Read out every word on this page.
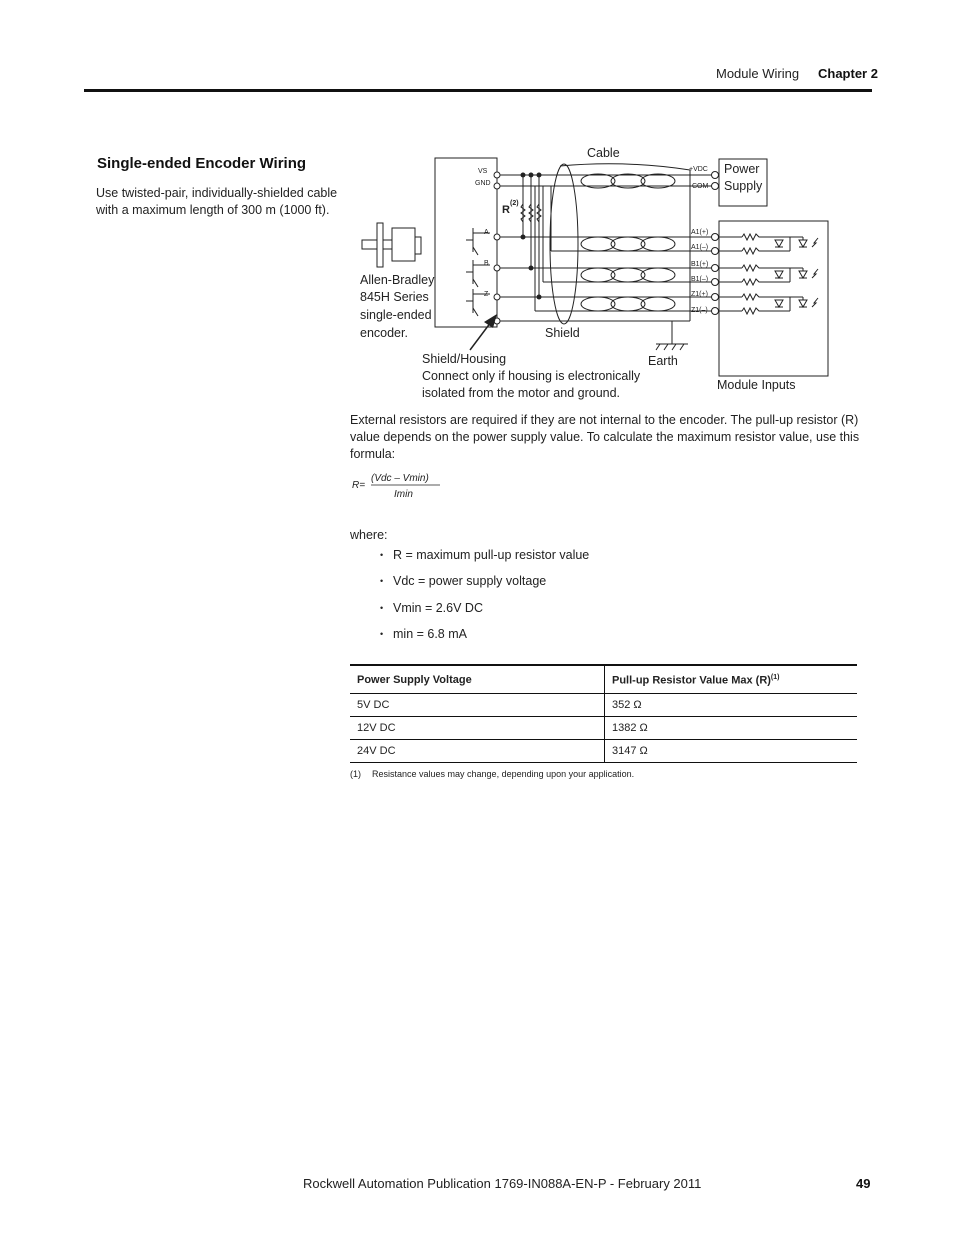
Module Wiring Chapter 2
Single-ended Encoder Wiring
Use twisted-pair, individually-shielded cable with a maximum length of 300 m (1000 ft).
Cable
Power
Supply
+VDC
COM
VS
GND
R
(2)
A
B
Z
A1(+)
A1(–)
B1(+)
B1(–)
Z1(+)
Z1(–)
Allen-Bradley
845H Series
single-ended
encoder.	Shield
Earth
Shield/Housing
Connect only if housing is electronically
isolated from the motor and ground.
Module Inputs
External resistors are required if they are not internal to the encoder. The pull-up resistor (R) value depends on the power supply value. To calculate the maximum resistor value, use this formula:
R=
(Vdc – Vmin)
Imin
where:
• R = maximum pull-up resistor value
• Vdc = power supply voltage
• Vmin = 2.6V DC
• min = 6.8 mA
Power Supply Voltage	Pull-up Resistor Value Max $(R)^{(1)}$
5V DC	352 Ω
12V DC	1382 Ω
24V DC	3147 Ω
(1) Resistance values may change, depending upon your application.
Rockwell Automation Publication 1769-IN088A-EN-P - February 2011	49
